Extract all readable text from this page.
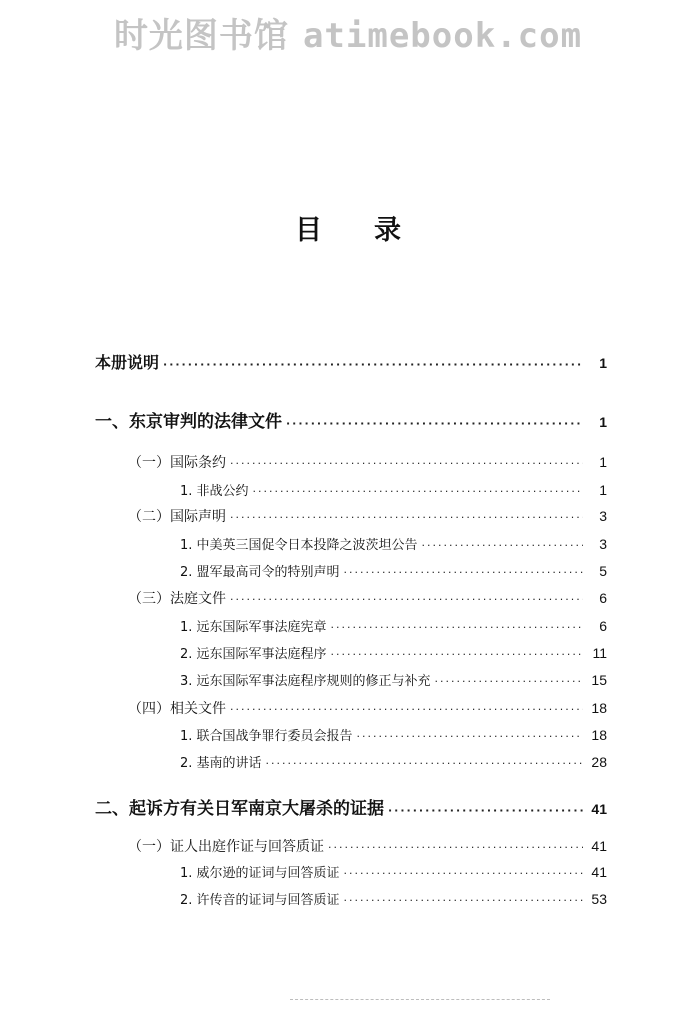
时光图书馆 atimebook.com
目录
本册说明 ·····	1
一、东京审判的法律文件 ·····	1
（一）国际条约 ·····	1
1. 非战公约 ·····	1
（二）国际声明 ·····	3
1. 中美英三国促令日本投降之波茨坦公告 ·····	3
2. 盟军最高司令的特别声明 ·····	5
（三）法庭文件 ·····	6
1. 远东国际军事法庭宪章 ·····	6
2. 远东国际军事法庭程序 ·····	11
3. 远东国际军事法庭程序规则的修正与补充 ·····	15
（四）相关文件 ·····	18
1. 联合国战争罪行委员会报告 ·····	18
2. 基南的讲话 ·····	28
二、起诉方有关日军南京大屠杀的证据 ·····	41
（一）证人出庭作证与回答质证 ·····	41
1. 威尔逊的证词与回答质证 ·····	41
2. 许传音的证词与回答质证 ·····	53
